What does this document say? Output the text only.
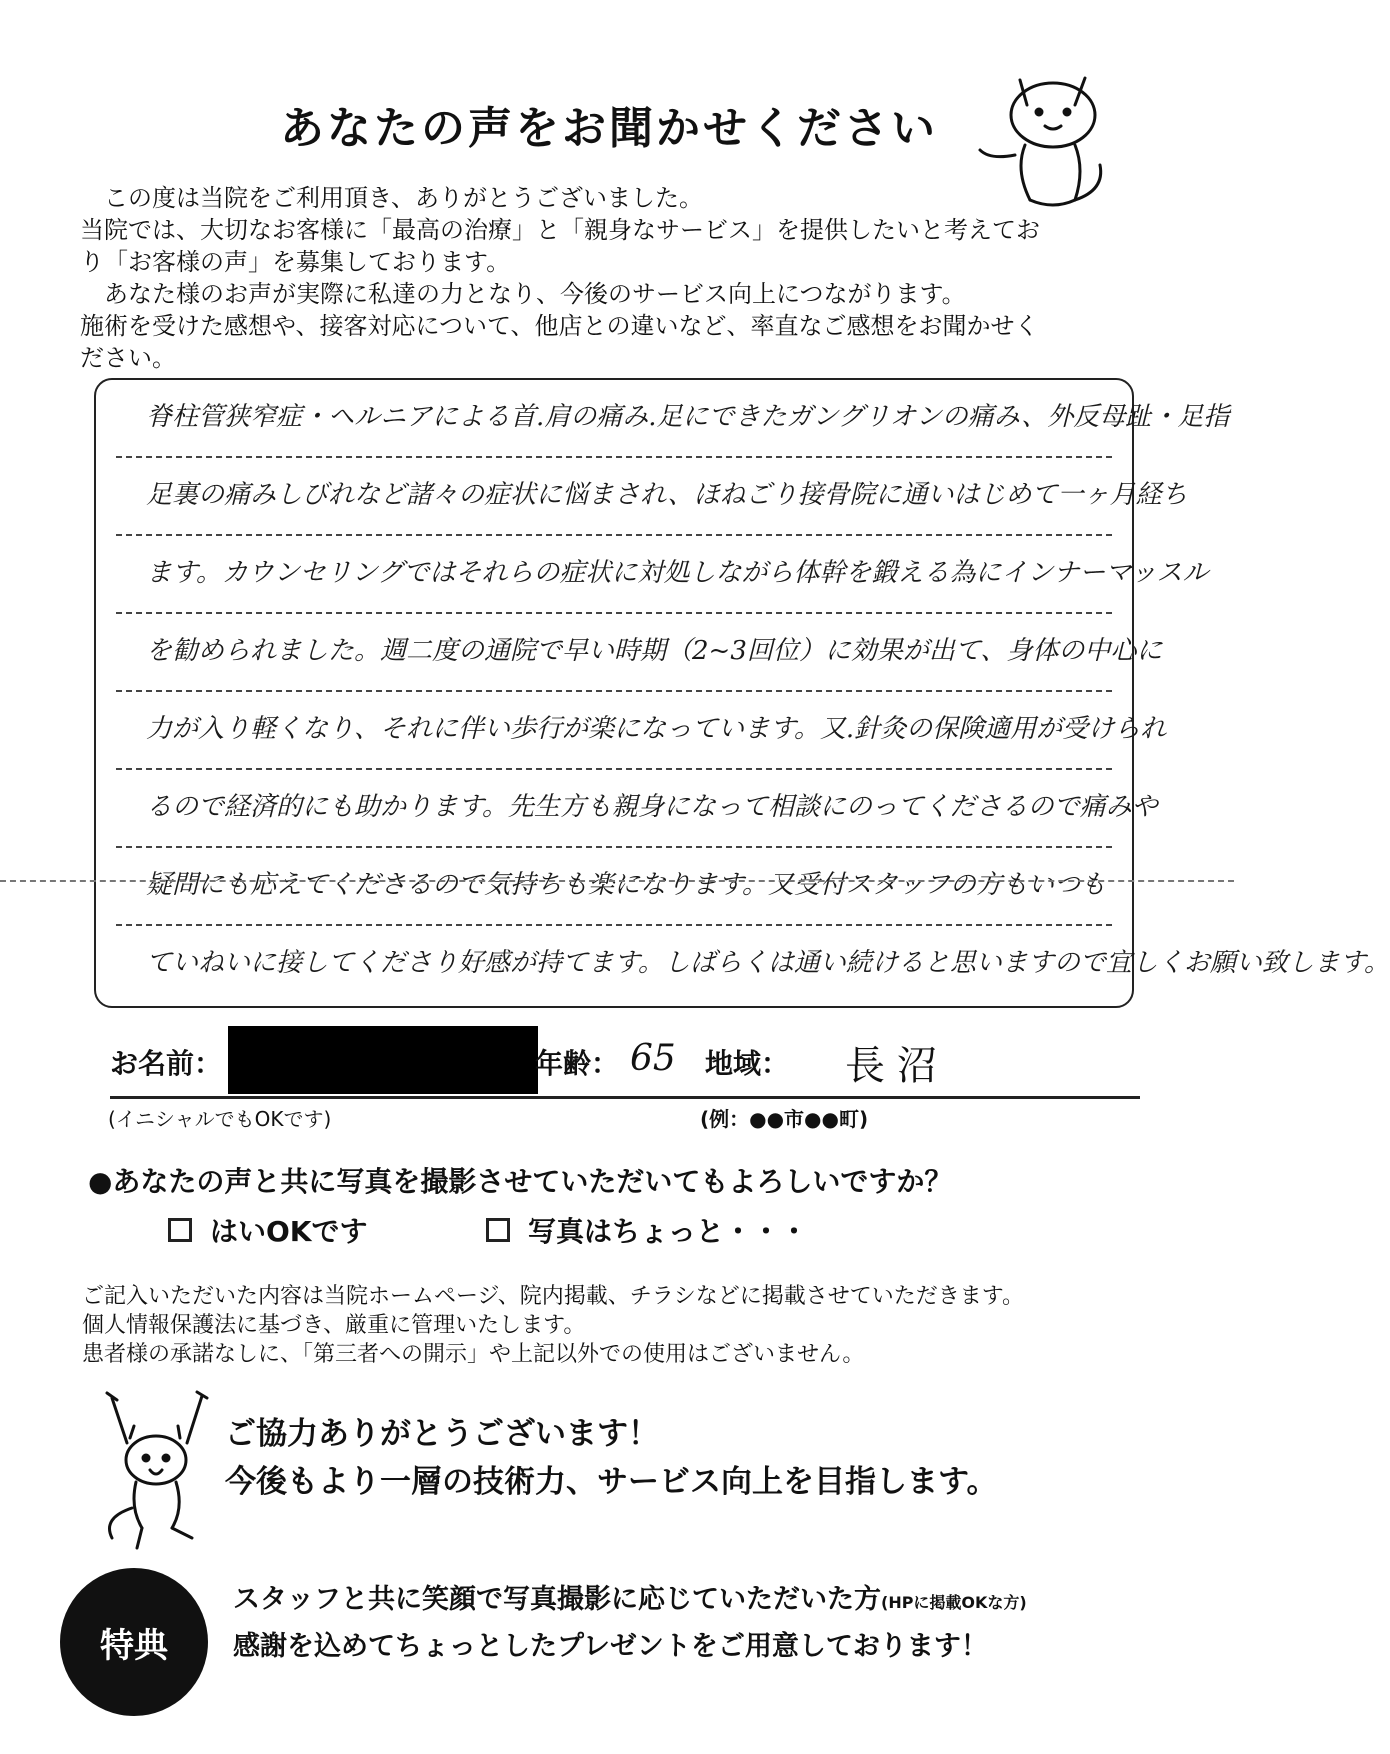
あなたの声をお聞かせください

　この度は当院をご利用頂き、ありがとうございました。

当院では、大切なお客様に「最高の治療」と「親身なサービス」を提供したいと考えてお

り「お客様の声」を募集しております。

　あなた様のお声が実際に私達の力となり、今後のサービス向上につながります。

施術を受けた感想や、接客対応について、他店との違いなど、率直なご感想をお聞かせく

ださい。

脊柱管狭窄症・ヘルニアによる首.肩の痛み.足にできたガングリオンの痛み、外反母趾・足指
足裏の痛みしびれなど諸々の症状に悩まされ、ほねごり接骨院に通いはじめて一ヶ月経ち
ます。カウンセリングではそれらの症状に対処しながら体幹を鍛える為にインナーマッスル
を勧められました。週二度の通院で早い時期（2~3回位）に効果が出て、身体の中心に
力が入り軽くなり、それに伴い歩行が楽になっています。又.針灸の保険適用が受けられ
るので経済的にも助かります。先生方も親身になって相談にのってくださるので痛みや
疑問にも応えてくださるので気持ちも楽になります。又受付スタッフの方もいつも
ていねいに接してくださり好感が持てます。しばらくは通い続けると思いますので宜しくお願い致します。
お名前：	年齢： 65 地域： 長沼
(イニシャルでもOKです)	(例：●●市●●町)

●あなたの声と共に写真を撮影させていただいてもよろしいですか？

はいOKです	写真はちょっと・・・

ご記入いただいた内容は当院ホームページ、院内掲載、チラシなどに掲載させていただきます。

個人情報保護法に基づき、厳重に管理いたします。

患者様の承諾なしに、「第三者への開示」や上記以外での使用はございません。

ご協力ありがとうございます！

今後もより一層の技術力、サービス向上を目指します。

特典

スタッフと共に笑顔で写真撮影に応じていただいた方(HPに掲載OKな方)

感謝を込めてちょっとしたプレゼントをご用意しております！
